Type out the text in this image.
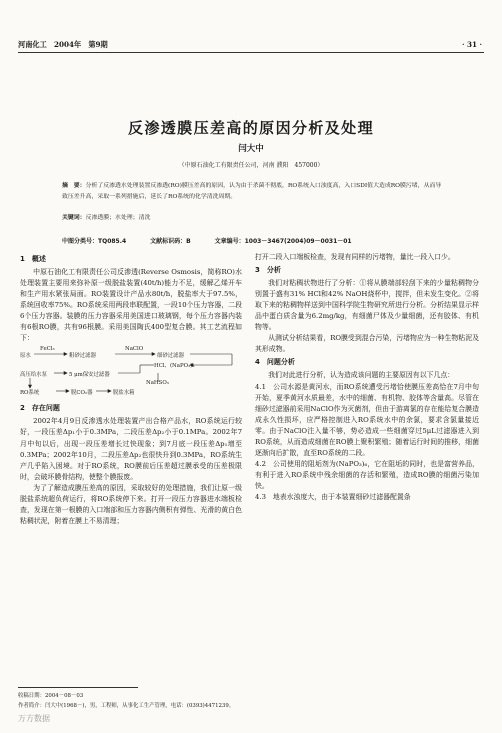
河南化工　2004年　第9期	· 31 ·
反渗透膜压差高的原因分析及处理
闫大中
（中原石油化工有限责任公司，河南 濮阳　457000）
摘　要：分析了反渗透水处理装置反渗透(RO)膜压差高的原因，认为由于杀菌不彻底，RO系统入口浊度高，入口SDI值大造成RO膜污堵，从而导致压差升高，采取一系列措施后，延长了RO系统的化学清洗周期。
关键词：反渗透膜；水处理；清洗
中图分类号：TQ085.4	文献标识码：B	文章编号：1003－3467(2004)09－0031－01

1　概述

中原石油化工有限责任公司反渗透(Reverse Osmosis，简称RO)水处理装置主要用来弥补原一级脱盐装置(40t/h)能力不足，缓解乙烯开车和生产用水紧张局面。RO装置设计产品水80t/h，脱盐率大于97.5%，系统回收率75%。RO系统采用两段串联配置，一段10个压力容器，二段6个压力容器。装膜的压力容器采用美国进口玻璃钢，每个压力容器内装有6根RO膜，共有96根膜。采用美国陶氏400型复合膜。其工艺流程如下：

原水
FeCl₃
粗砂过滤器
NaClO
细砂过滤器
HCl、(NaPO₃)₆
高压给水泵	5 μm保安过滤器
NaHSO₃
RO系统	脱CO₂器	脱盐水箱

2　存在问题

2002年4月9日反渗透水处理装置产出合格产品水，RO系统运行较好，一段压差Δp₁小于0.3MPa，二段压差Δp₂小于0.1MPa。2002年7月中旬以后，出现一段压差增长过快现象；到7月底一段压差Δp₁增至0.3MPa；2002年10月，二段压差Δp₂也很快升到0.3MPa，RO系统生产几乎陷入困境。对于RO系统，RO膜前后压差超过膜承受的压差极限时，会破坏膜骨结构，使整个膜报废。

为了了解造成膜压差高的原因，采取较好的处理措施，我们让原一级脱盐系统超负荷运行，将RO系统停下来。打开一段压力容器进水端板检查，发现在第一根膜的入口端部和压力容器内侧积有弹性、光滑的黄白色粘稠状泥，附着在膜上不易清理；

打开二段入口端板检查，发现有同样的污堵物，量比一段入口少。

3　分析

我们对粘稠状物进行了分析：①将从膜端部轻刮下来的少量粘稠物分别置于盛有31% HCl和42% NaOH烧杯中，搅拌，但未发生变化。②将取下来的粘稠物样送到中国科学院生物研究所进行分析。分析结果显示样品中蛋白质含量为6.2mg/kg，有细菌尸体及少量细菌，还有胶体、有机物等。

从测试分析结果看，RO膜受到混合污染，污堵物应为一种生物粘泥及其形成物。

4　问题分析

我们对此进行分析，认为造成该问题的主要原因有以下几点：

4.1　公司水源是黄河水，而RO系统遭受污堵恰使膜压差高恰在7月中旬开始，夏季黄河水质最差，水中的细菌、有机物、胶体等含量高。尽管在细砂过滤器前采用NaClO作为灭菌剂，但由于游离氯的存在能给复合膜造成永久性损坏，应严格控制进入RO系统水中的余氯，要求含氯量接近零。由于NaClO注入量不够，势必造成一些细菌穿过5μL过滤器进入到RO系统，从而造成细菌在RO膜上聚积繁殖；随着运行时间的推移，细菌逐渐向后扩散，直至RO系统的二段。

4.2　公司使用的阻垢剂为(NaPO₃)₆，它在阻垢的同时，也是富营养品，有利于进入RO系统中残余细菌的存活和繁殖，造成RO膜的细菌污染加快。

4.3　地表水浊度大，由于本装置细砂过滤器配置条

收稿日期：2004－08－03
作者简介：闫大中(1968－)，男，工程师，从事化工生产管理，电话：(0393)4471239。
万方数据
